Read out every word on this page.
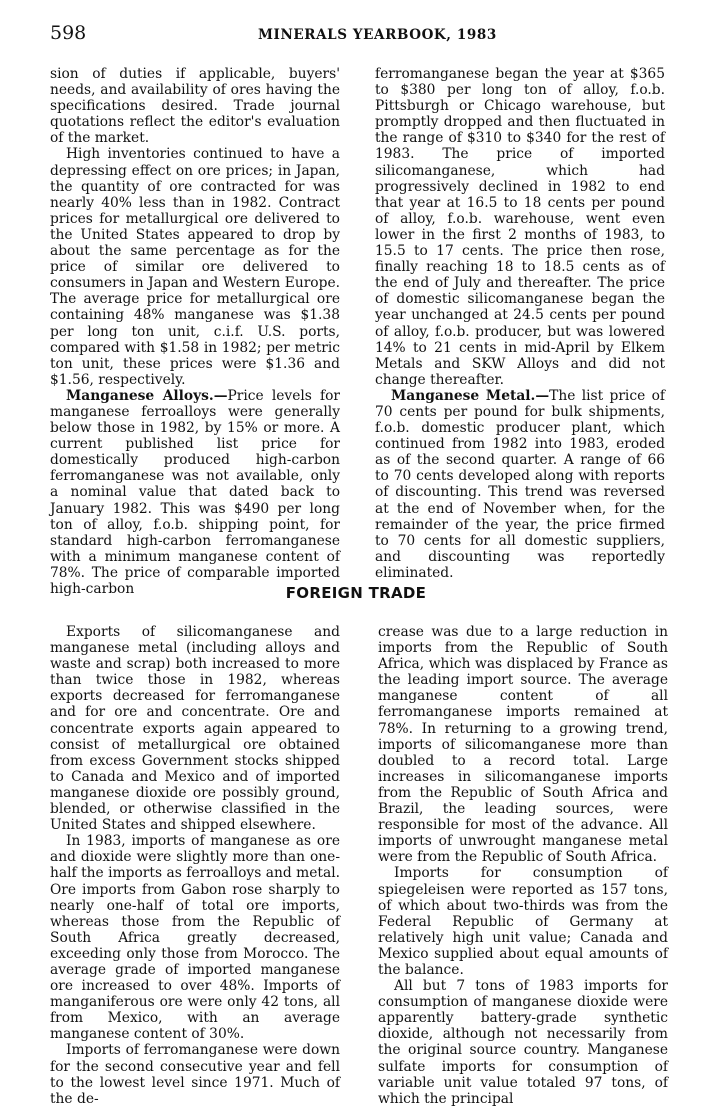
598	MINERALS YEARBOOK, 1983

sion of duties if applicable, buyers' needs, and availability of ores having the specifications desired. Trade journal quotations reflect the editor's evaluation of the market.

High inventories continued to have a depressing effect on ore prices; in Japan, the quantity of ore contracted for was nearly 40% less than in 1982. Contract prices for metallurgical ore delivered to the United States appeared to drop by about the same percentage as for the price of similar ore delivered to consumers in Japan and Western Europe. The average price for metallurgical ore containing 48% manganese was $1.38 per long ton unit, c.i.f. U.S. ports, compared with $1.58 in 1982; per metric ton unit, these prices were $1.36 and $1.56, respectively.

Manganese Alloys.—Price levels for manganese ferroalloys were generally below those in 1982, by 15% or more. A current published list price for domestically produced high-carbon ferromanganese was not available, only a nominal value that dated back to January 1982. This was $490 per long ton of alloy, f.o.b. shipping point, for standard high-carbon ferromanganese with a minimum manganese content of 78%. The price of comparable imported high-carbon

ferromanganese began the year at $365 to $380 per long ton of alloy, f.o.b. Pittsburgh or Chicago warehouse, but promptly dropped and then fluctuated in the range of $310 to $340 for the rest of 1983. The price of imported silicomanganese, which had progressively declined in 1982 to end that year at 16.5 to 18 cents per pound of alloy, f.o.b. warehouse, went even lower in the first 2 months of 1983, to 15.5 to 17 cents. The price then rose, finally reaching 18 to 18.5 cents as of the end of July and thereafter. The price of domestic silicomanganese began the year unchanged at 24.5 cents per pound of alloy, f.o.b. producer, but was lowered 14% to 21 cents in mid-April by Elkem Metals and SKW Alloys and did not change thereafter.

Manganese Metal.—The list price of 70 cents per pound for bulk shipments, f.o.b. domestic producer plant, which continued from 1982 into 1983, eroded as of the second quarter. A range of 66 to 70 cents developed along with reports of discounting. This trend was reversed at the end of November when, for the remainder of the year, the price firmed to 70 cents for all domestic suppliers, and discounting was reportedly eliminated.

FOREIGN TRADE

Exports of silicomanganese and manganese metal (including alloys and waste and scrap) both increased to more than twice those in 1982, whereas exports decreased for ferromanganese and for ore and concentrate. Ore and concentrate exports again appeared to consist of metallurgical ore obtained from excess Government stocks shipped to Canada and Mexico and of imported manganese dioxide ore possibly ground, blended, or otherwise classified in the United States and shipped elsewhere.

In 1983, imports of manganese as ore and dioxide were slightly more than one-half the imports as ferroalloys and metal. Ore imports from Gabon rose sharply to nearly one-half of total ore imports, whereas those from the Republic of South Africa greatly decreased, exceeding only those from Morocco. The average grade of imported manganese ore increased to over 48%. Imports of manganiferous ore were only 42 tons, all from Mexico, with an average manganese content of 30%.

Imports of ferromanganese were down for the second consecutive year and fell to the lowest level since 1971. Much of the de-

crease was due to a large reduction in imports from the Republic of South Africa, which was displaced by France as the leading import source. The average manganese content of all ferromanganese imports remained at 78%. In returning to a growing trend, imports of silicomanganese more than doubled to a record total. Large increases in silicomanganese imports from the Republic of South Africa and Brazil, the leading sources, were responsible for most of the advance. All imports of unwrought manganese metal were from the Republic of South Africa.

Imports for consumption of spiegeleisen were reported as 157 tons, of which about two-thirds was from the Federal Republic of Germany at relatively high unit value; Canada and Mexico supplied about equal amounts of the balance.

All but 7 tons of 1983 imports for consumption of manganese dioxide were apparently battery-grade synthetic dioxide, although not necessarily from the original source country. Manganese sulfate imports for consumption of variable unit value totaled 97 tons, of which the principal
